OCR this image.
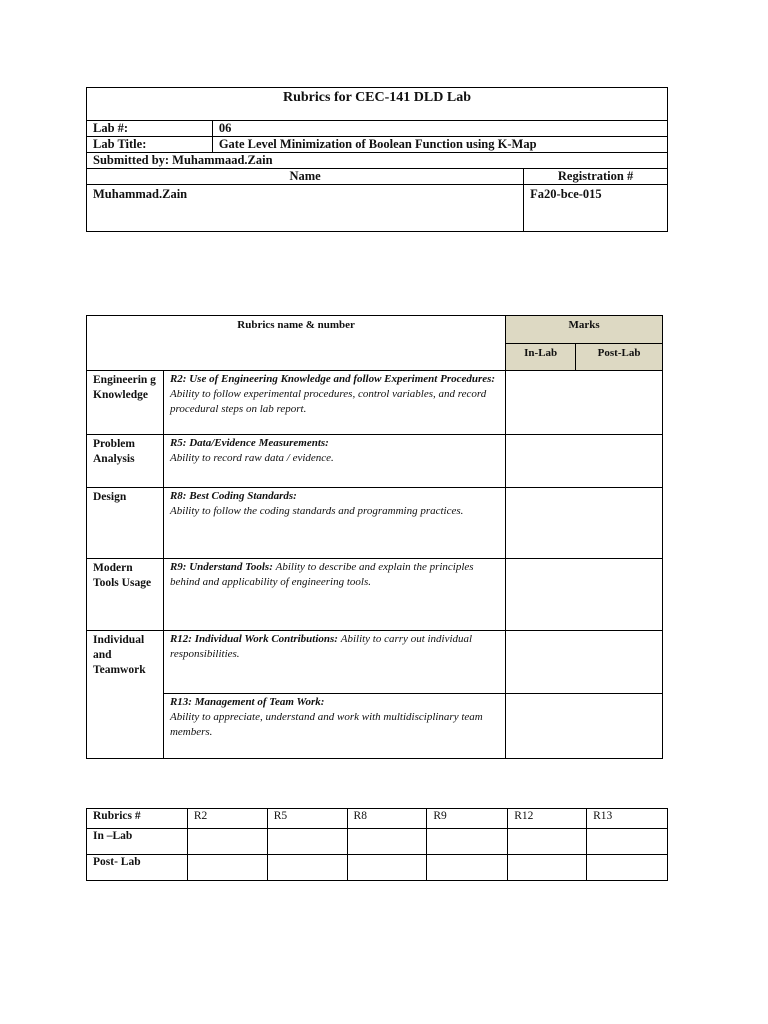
Rubrics for CEC-141 DLD Lab		
Lab #:	06	
Lab Title:	Gate Level Minimization of Boolean Function using K-Map	
Submitted by: Muhammaad.Zain		
Name		Registration #
Muhammad.Zain		Fa20-bce-015
Rubrics name & number		Marks	
		In-Lab	Post-Lab
Engineerin g Knowledge	R2: Use of Engineering Knowledge and follow Experiment Procedures:
Ability to follow experimental procedures, control variables, and record procedural steps on lab report.		
Problem Analysis	R5: Data/Evidence Measurements:
Ability to record raw data / evidence.		
Design	R8: Best Coding Standards:
Ability to follow the coding standards and programming practices.		
Modern Tools Usage	R9: Understand Tools: Ability to describe and explain the principles behind and applicability of engineering tools.		
Individual and Teamwork	R12: Individual Work Contributions: Ability to carry out individual responsibilities.		
	R13: Management of Team Work:
Ability to appreciate, understand and work with multidisciplinary team members.		
Rubrics #	R2	R5	R8	R9	R12	R13
In –Lab						
Post- Lab						
